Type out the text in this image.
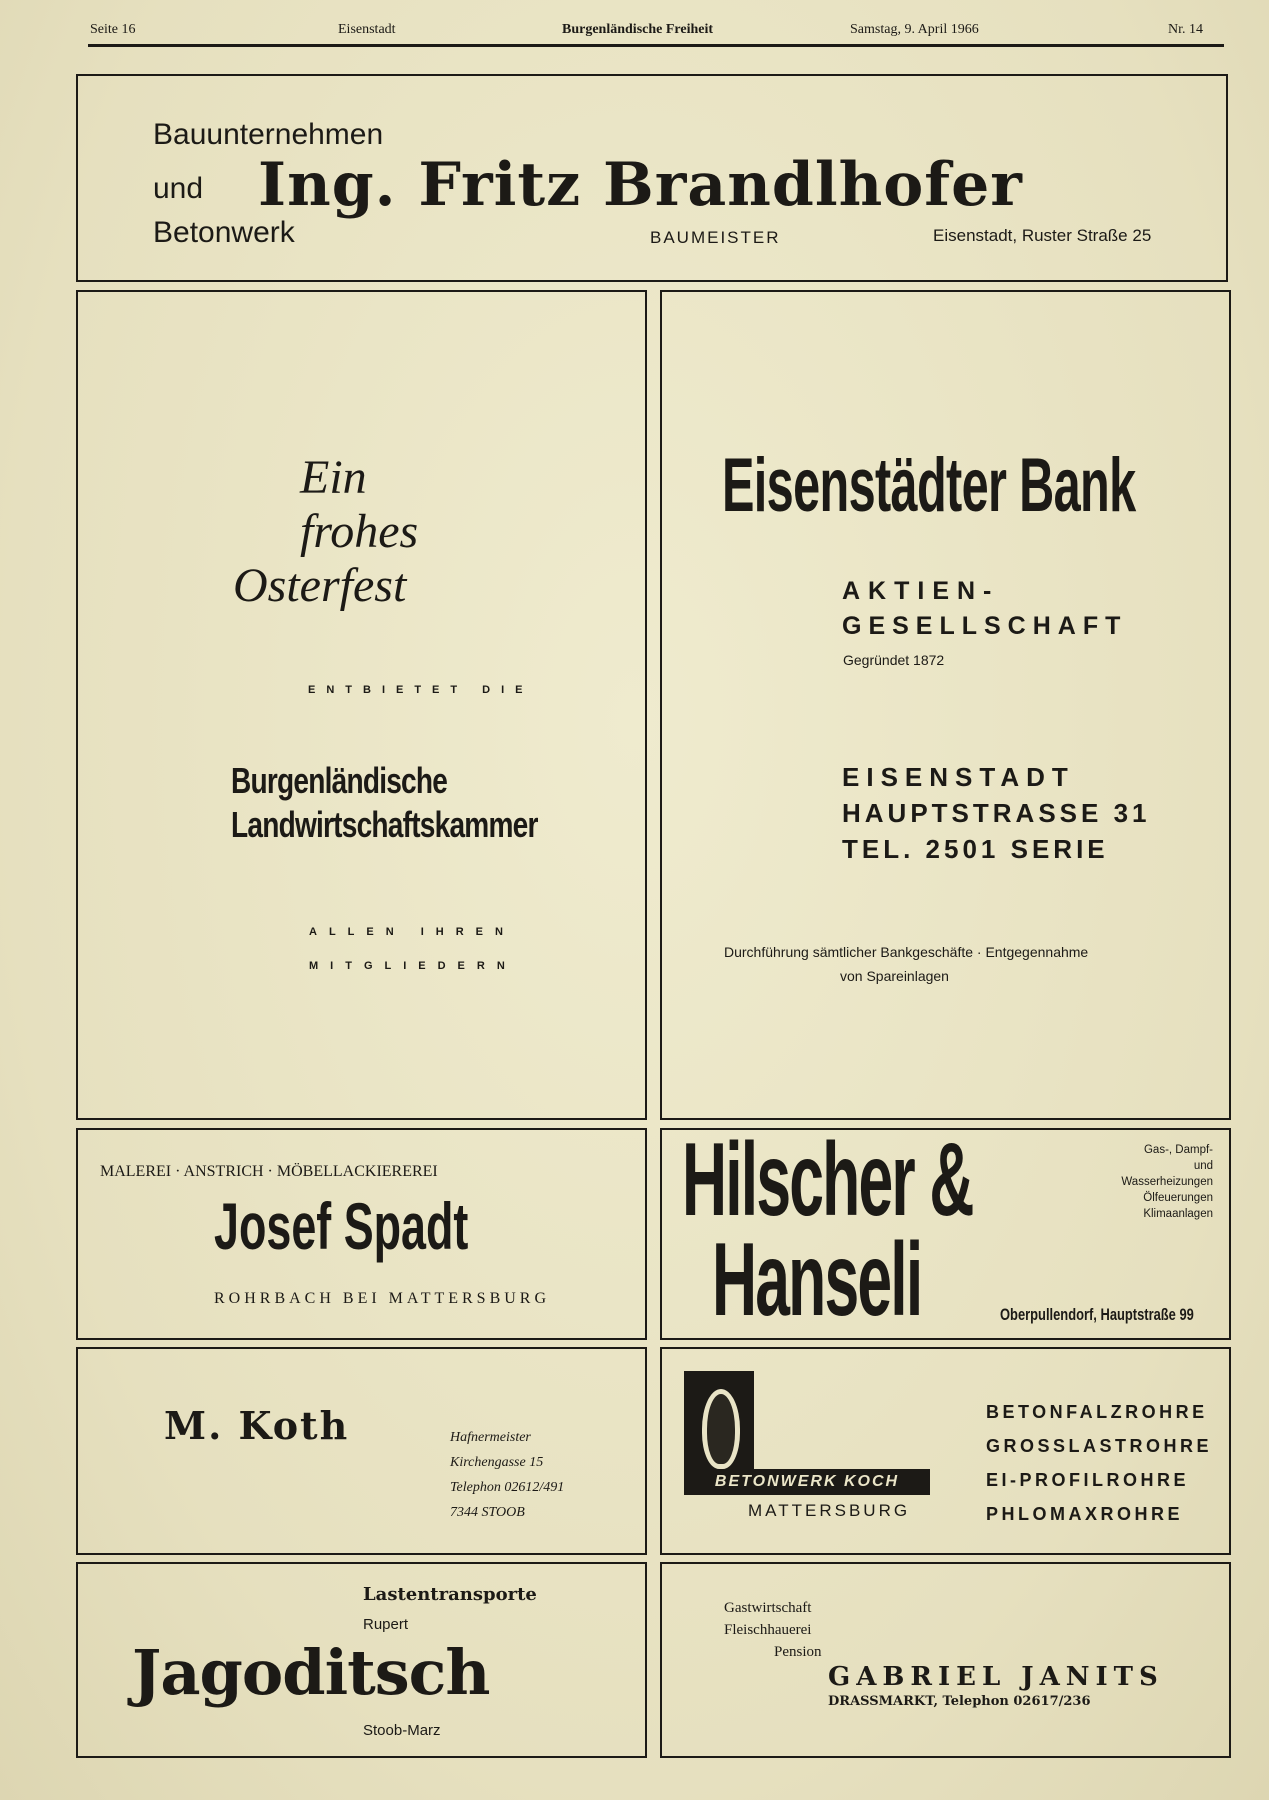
Seite 16	Eisenstadt	Burgenländische Freiheit	Samstag, 9. April 1966	Nr. 14
Bauunternehmen
und
Betonwerk
Ing. Fritz Brandlhofer
BAUMEISTER	Eisenstadt, Ruster Straße 25
Ein
frohes
Osterfest
ENTBIETET DIE
Burgenländische
Landwirtschaftskammer
ALLEN IHREN
MITGLIEDERN
Eisenstädter Bank
AKTIEN-
GESELLSCHAFT
Gegründet 1872
EISENSTADT
HAUPTSTRASSE 31
TEL. 2501 SERIE
Durchführung sämtlicher Bankgeschäfte · Entgegennahme
von Spareinlagen
MALEREI · ANSTRICH · MÖBELLACKIEREREI
Josef Spadt
ROHRBACH BEI MATTERSBURG
Hilscher &
Hanseli
Gas-, Dampf-
und
Wasserheizungen
Ölfeuerungen
Klimaanlagen
Oberpullendorf, Hauptstraße 99
M. Koth	Hafnermeister
Kirchengasse 15
Telephon 02612/491
7344 STOOB
BETONWERK KOCH
MATTERSBURG
BETONFALZROHRE
GROSSLASTROHRE
EI-PROFILROHRE
PHLOMAXROHRE
Lastentransporte
Rupert
Jagoditsch
Stoob-Marz
Gastwirtschaft
Fleischhauerei
Pension
GABRIEL JANITS
DRASSMARKT, Telephon 02617/236
